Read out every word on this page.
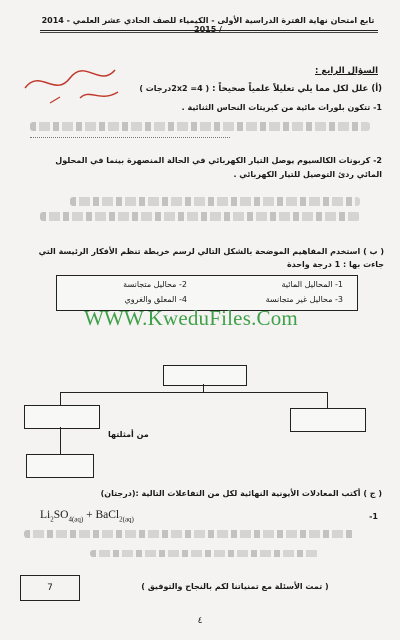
تابع امتحان نهاية الفترة الدراسية الأولى - الكيمياء للصف الحادي عشر العلمي - 2014
السؤال الرابع :
(أ) علل لكل مما يلي تعليلاً علمياً صحيحاً : ( 2x2 =4درجات )
1- تتكون بلورات مائية من كبريتات النحاس الثنائية .
2- كربونات الكالسيوم يوصل التيار الكهربائي في الحالة المنصهرة بينما في المحلول المائي ردئ التوصيل للتيار الكهربائي .
( ب ) استخدم المفاهيم الموضحة بالشكل التالي لرسم خريطة تنظم الأفكار الرئيسة التي جاءت بها : 1 درجة واحدة
1- المحاليل المائية
2- محاليل متجانسة
3- محاليل غير متجانسة
4- المعلق والغروي
WWW.KweduFiles.Com
من أمثلتها
( ج ) أكتب المعادلات الأيونية النهائية لكل من التفاعلات التالية :(درجتان)
$Li_2SO_{4(aq)}$ + BaCl$_{2(aq)}$	-1
7	( تمت الأسئلة مع تمنياتنا لكم بالنجاح والتوفيق )
٤
